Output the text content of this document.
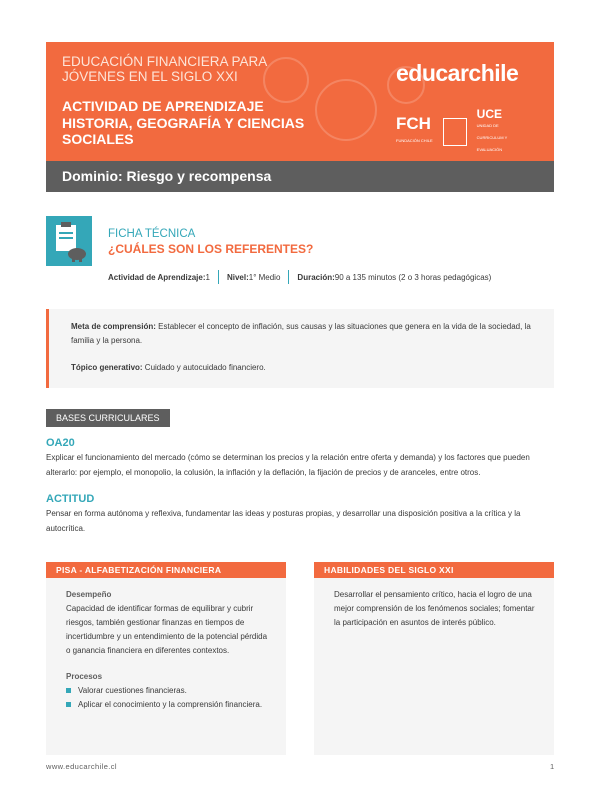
EDUCACIÓN FINANCIERA PARA JÓVENES EN EL SIGLO XXI
ACTIVIDAD DE APRENDIZAJE HISTORIA, GEOGRAFÍA Y CIENCIAS SOCIALES
educarchile
FCH
FUNDACIÓN CHILE
UCE
UNIDAD DE CURRICULUM Y EVALUACIÓN
Dominio: Riesgo y recompensa
FICHA TÉCNICA
¿CUÁLES SON LOS REFERENTES?
Actividad de Aprendizaje: 1 Nivel: 1° Medio Duración: 90 a 135 minutos (2 o 3 horas pedagógicas)

Meta de comprensión: Establecer el concepto de inflación, sus causas y las situaciones que genera en la vida de la sociedad, la familia y la persona.

Tópico generativo: Cuidado y autocuidado financiero.

BASES CURRICULARES
OA20
Explicar el funcionamiento del mercado (cómo se determinan los precios y la relación entre oferta y demanda) y los factores que pueden alterarlo: por ejemplo, el monopolio, la colusión, la inflación y la deflación, la fijación de precios y de aranceles, entre otros.
ACTITUD
Pensar en forma autónoma y reflexiva, fundamentar las ideas y posturas propias, y desarrollar una disposición positiva a la crítica y la autocrítica.
PISA - ALFABETIZACIÓN FINANCIERA
Desempeño
Capacidad de identificar formas de equilibrar y cubrir riesgos, también gestionar finanzas en tiempos de incertidumbre y un entendimiento de la potencial pérdida o ganancia financiera en diferentes contextos.
Procesos
Valorar cuestiones financieras.
Aplicar el conocimiento y la comprensión financiera.
HABILIDADES DEL SIGLO XXI
Desarrollar el pensamiento crítico, hacia el logro de una mejor comprensión de los fenómenos sociales; fomentar la participación en asuntos de interés público.
www.educarchile.cl	1
